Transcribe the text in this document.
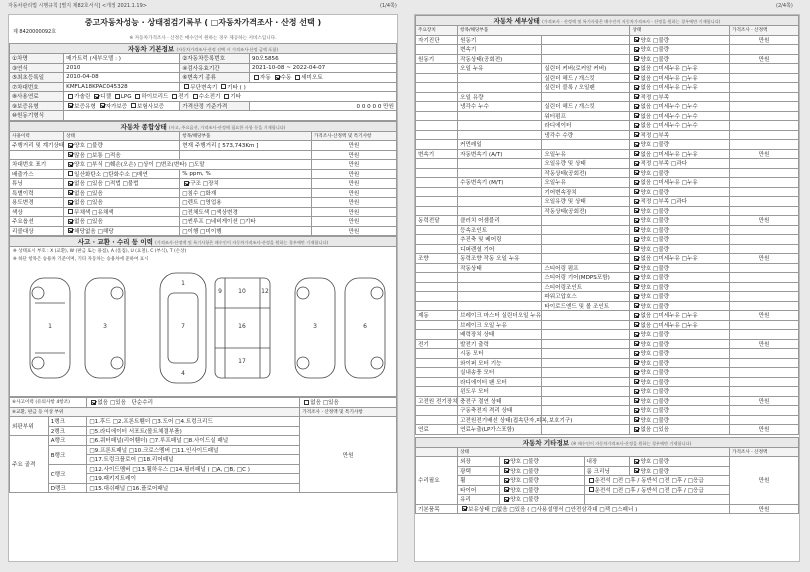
자동차관리법 시행규칙 [별지 제82호서식] <개정 2021.1.19>	(1/4쪽)	(2/4쪽)
중고자동차성능 · 상태점검기록부 ( □자동차가격조사 · 산정 선택 )
제 8420000092호
※ 자동차가격조사 · 산정은 매수인이 원하는 경우 제공하는 서비스입니다.
자동차 기본정보 (자동차가격조사·산정 선택 시 가격조사·산정 금액 포함)			
①차명	메가트럭 (세부모델 : )	②자동차등록번호	90오5856
③연식	2010	④검사유효기간	2021-10-08 ~ 2022-04-07
⑤최초등록일	2010-04-08	⑥변속기 종류	자동 수동 세미오토
⑦차대번호	KMFLA18KPAC045328	무단변속기 기타 ( )	
⑧사용연료	가솔린 디젤 LPG 하이브리드 전기 수소전기 기타		
⑨보증유형	보증유형 자가보증 보험사보증	가격산정 기준가격	0 0 0 0 0 만원
⑩원동기형식			
자동차 종합상태 (사고, 주요옵션, 가격조사·산정에 필요한 사항 등을 기재합니다)			
사용이력	상태	항목/해당부품	가격조사·산정액 및 특기사항
주행거리 및 계기상태	양호 □불량	현재 주행거리 [ 573,743Km ]	만원
	많음 □보통 □적음		만원
차대번호 표기	양호 □부식 □훼손(오손) □상이 □변조(변타) □도말		만원
배출가스	일산화탄소 □탄화수소 □매연	% ppm, %	만원
튜닝	없음 □있음 □적법 □불법	구조 □장치	만원
특별이력	없음 □있음	□침수 □화재	만원
용도변경	없음 □있음	□렌트 □영업용	만원
색상	무채색 □유채색	□전체도색 □색상변경	만원
주요옵션	없음 □있음	□썬루프 □네비게이션 □기타	만원
리콜대상	해당없음 □해당	□이행 □미이행	만원
사고 · 교환 · 수리 등 이력 (가격조사·산정액 및 특기사항은 매수인이 자동차가격조사·산정을 원하는 경우에만 기재합니다)
※ 상태표시 부호 : X (교환), W (판금 또는 용접), A (흠집), U (요철), C (부식), T (손상)
※ 하단 항목은 승용차 기준이며, 기타 자동차는 승용차에 준하여 표시
1	3
1
7
4
9	10
16
17
12
3	6
⑥사고이력 (유의사항 4항조)		없음 □있음 단순수리	없음 □있음
⑥교환, 판금 등 이상 부위			가격조사 · 산정액 및 특기사항
외판부위	1랭크	□1.후드 □2.프론트휀더 □3.도어 □4.트렁크리드	만원
	2랭크	□5.라디에이터 서포트(볼트체결부품)	
주요 골격	A랭크	□6.쿼터패널(리어휀더) □7.루프패널 □8.사이드실 패널	
	B랭크	□9.프론트패널 □10.크로스멤버 □11.인사이드패널	
		□17.트렁크플로어 □18.리어패널	
	C랭크	□12.사이드멤버 □13.휠하우스 □14.필러패널 ( □A, □B, □C )	
		□19.패키지트레이	
	D랭크	□15.대쉬패널 □16.플로어패널	
자동차 세부상태 (가격조사 · 산정액 및 특기사항은 매수인이 자동차가격조사 · 산정을 원하는 경우에만 기재합니다)				
주요장치	항목/해당부품		상태	가격조사 · 산정액
자기진단	원동기		양호 □불량	만원
	변속기		양호 □불량	
원동기	작동상태(공회전)		양호 □불량	만원
	오일 누유	실린더 커버(로커암 커버)	없음 □미세누유 □누유	
		실린더 헤드 / 개스킷	없음 □미세누유 □누유	
		실린더 블록 / 오일팬	없음 □미세누유 □누유	
	오일 유량		적정 □부족	
	냉각수 누수	실린더 헤드 / 개스킷	없음 □미세누수 □누수	
		워터펌프	없음 □미세누수 □누수	
		라디에이터	없음 □미세누수 □누수	
		냉각수 수량	적정 □부족	
	커먼레일		양호 □불량	
변속기	자동변속기 (A/T)	오일누유	없음 □미세누유 □누유	만원
		오일유량 및 상태	적정 □부족 □과다	
		작동상태(공회전)	양호 □불량	
	수동변속기 (M/T)	오일누유	없음 □미세누유 □누유	
		기어변속장치	양호 □불량	
		오일유량 및 상태	적정 □부족 □과다	
		작동상태(공회전)	양호 □불량	
동력전달	클러치 어셈블리		양호 □불량	만원
	등속조인트		양호 □불량	
	추진축 및 베어링		양호 □불량	
	디퍼렌셜 기어		양호 □불량	
조향	동력조향 작동 오일 누유		없음 □미세누유 □누유	만원
	작동상태	스티어링 펌프	양호 □불량	
		스티어링 기어(MDPS포함)	양호 □불량	
		스티어링조인트	양호 □불량	
		파워고압호스	양호 □불량	
		타이로드엔드 및 볼 조인트	양호 □불량	
제동	브레이크 마스터 실린더오일 누유		없음 □미세누유 □누유	만원
	브레이크 오일 누유		없음 □미세누유 □누유	
	배력장치 상태		양호 □불량	
전기	발전기 출력		양호 □불량	만원
	시동 모터		양호 □불량	
	와이퍼 모터 기능		양호 □불량	
	실내송풍 모터		양호 □불량	
	라디에이터 팬 모터		양호 □불량	
	윈도우 모터		양호 □불량	
고전원 전기장치	충전구 절연 상태		양호 □불량	만원
	구동축전지 격리 상태		양호 □불량	
	고전원전기배선 상태(접속단자,피복,보호기구)		양호 □불량	
연료	연료누출(LP가스포함)		없음 □있음	만원
자동차 기타정보 (※ 매수인이 자동차가격조사·산정을 원하는 경우에만 기재합니다)					
	상태				가격조사 · 산정액
수리필요	외장	양호 □불량	내장	양호 □불량	만원
	광택	양호 □불량	룸 크리닝	양호 □불량	
	휠	양호 □불량	운전석 □전 □후 / 동반석 □전 □후 / □응급		
	타이어	양호 □불량	운전석 □전 □후 / 동반석 □전 □후 / □응급		
	유리	양호 □불량			
기본품목	보유상태 □없음 □있음 ( □사용설명서 □안전삼각대 □잭 □스패너 )				만원
